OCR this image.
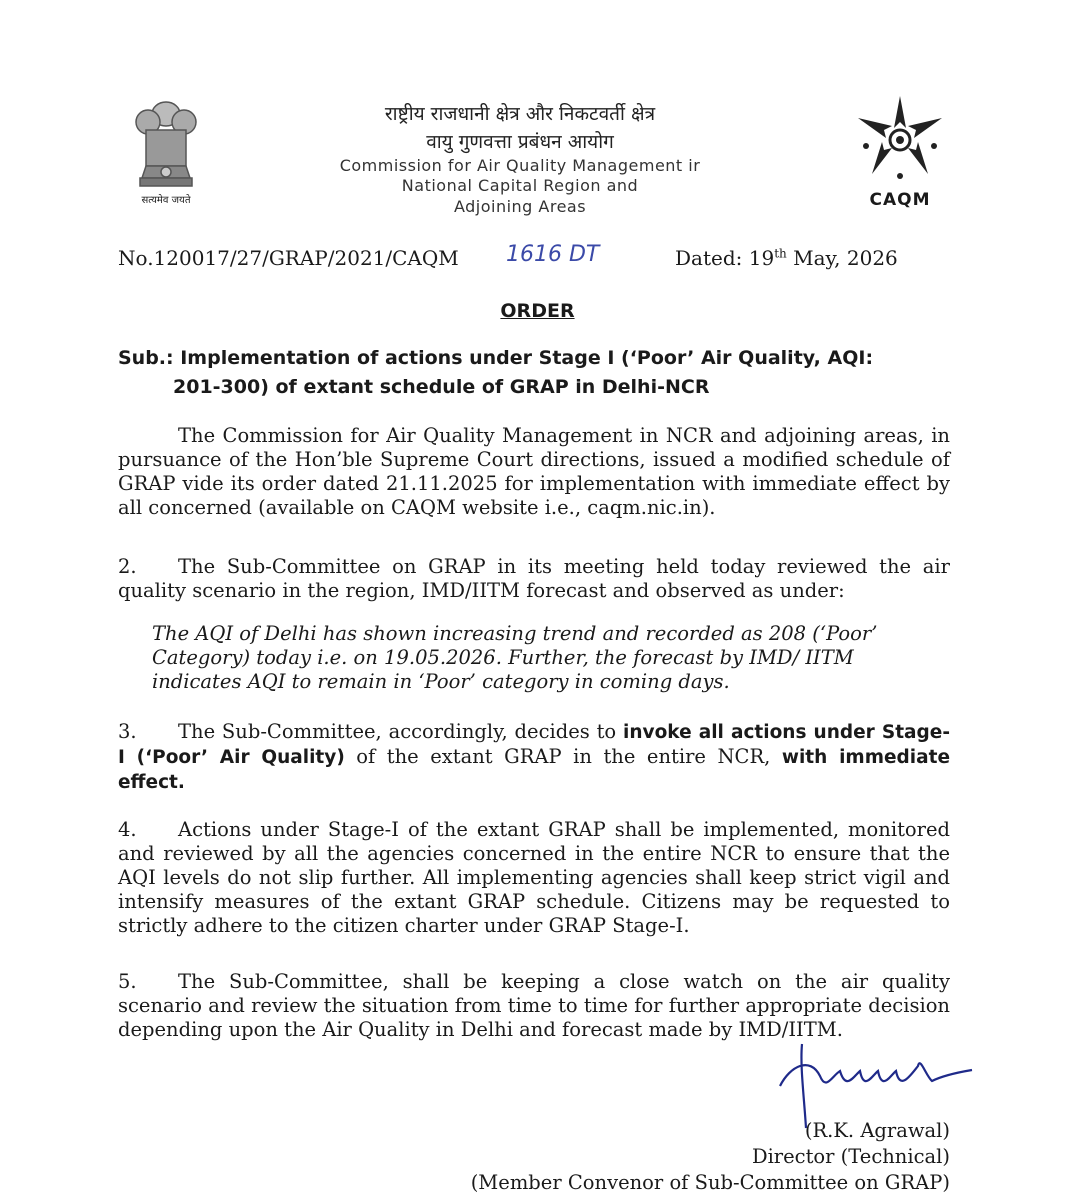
सत्यमेव जयते
राष्ट्रीय राजधानी क्षेत्र और निकटवर्ती क्षेत्र
वायु गुणवत्ता प्रबंधन आयोग
Commission for Air Quality Management ir
National Capital Region and
Adjoining Areas	CAQM
No.120017/27/GRAP/2021/CAQM 1616 DT	Dated: 19th May, 2026
ORDER
Sub.: Implementation of actions under Stage I (‘Poor’ Air Quality, AQI:
201-300) of extant schedule of GRAP in Delhi-NCR
The Commission for Air Quality Management in NCR and adjoining areas, in pursuance of the Hon’ble Supreme Court directions, issued a modified schedule of GRAP vide its order dated 21.11.2025 for implementation with immediate effect by all concerned (available on CAQM website i.e., caqm.nic.in).
2. The Sub-Committee on GRAP in its meeting held today reviewed the air quality scenario in the region, IMD/IITM forecast and observed as under:
The AQI of Delhi has shown increasing trend and recorded as 208 (‘Poor’ Category) today i.e. on 19.05.2026. Further, the forecast by IMD/ IITM indicates AQI to remain in ‘Poor’ category in coming days.
3. The Sub-Committee, accordingly, decides to invoke all actions under Stage-I (‘Poor’ Air Quality) of the extant GRAP in the entire NCR, with immediate effect.
4. Actions under Stage-I of the extant GRAP shall be implemented, monitored and reviewed by all the agencies concerned in the entire NCR to ensure that the AQI levels do not slip further. All implementing agencies shall keep strict vigil and intensify measures of the extant GRAP schedule. Citizens may be requested to strictly adhere to the citizen charter under GRAP Stage-I.
5. The Sub-Committee, shall be keeping a close watch on the air quality scenario and review the situation from time to time for further appropriate decision depending upon the Air Quality in Delhi and forecast made by IMD/IITM.
(R.K. Agrawal)
Director (Technical)
(Member Convenor of Sub-Committee on GRAP)
